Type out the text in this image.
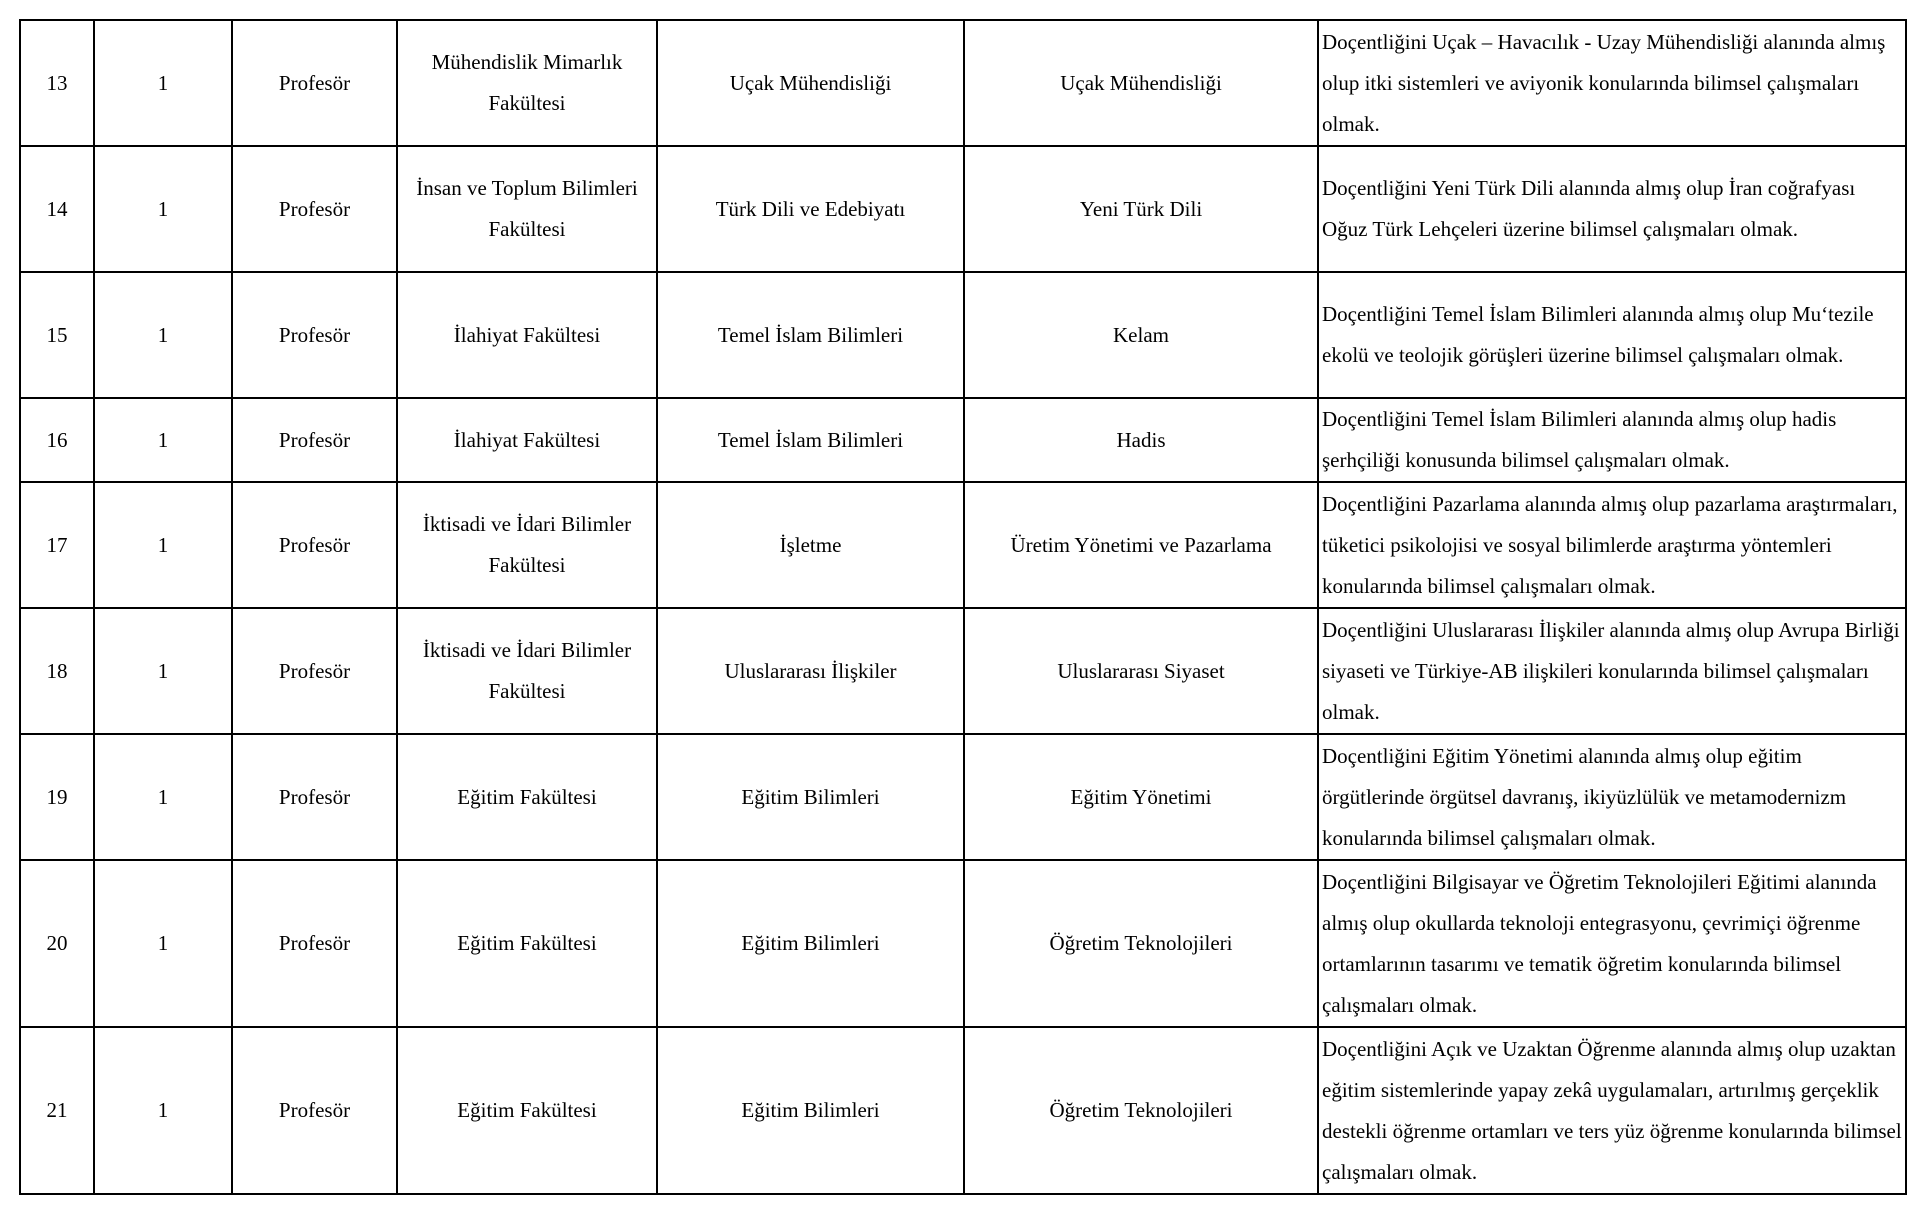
13	1	Profesör	Mühendislik Mimarlık Fakültesi	Uçak Mühendisliği	Uçak Mühendisliği	Doçentliğini Uçak – Havacılık - Uzay Mühendisliği alanında almış olup itki sistemleri ve aviyonik konularında bilimsel çalışmaları olmak.
14	1	Profesör	İnsan ve Toplum Bilimleri Fakültesi	Türk Dili ve Edebiyatı	Yeni Türk Dili	Doçentliğini Yeni Türk Dili alanında almış olup İran coğrafyası Oğuz Türk Lehçeleri üzerine bilimsel çalışmaları olmak.
15	1	Profesör	İlahiyat Fakültesi	Temel İslam Bilimleri	Kelam	Doçentliğini Temel İslam Bilimleri alanında almış olup Mu‘tezile ekolü ve teolojik görüşleri üzerine bilimsel çalışmaları olmak.
16	1	Profesör	İlahiyat Fakültesi	Temel İslam Bilimleri	Hadis	Doçentliğini Temel İslam Bilimleri alanında almış olup hadis şerhçiliği konusunda bilimsel çalışmaları olmak.
17	1	Profesör	İktisadi ve İdari Bilimler Fakültesi	İşletme	Üretim Yönetimi ve Pazarlama	Doçentliğini Pazarlama alanında almış olup pazarlama araştırmaları, tüketici psikolojisi ve sosyal bilimlerde araştırma yöntemleri konularında bilimsel çalışmaları olmak.
18	1	Profesör	İktisadi ve İdari Bilimler Fakültesi	Uluslararası İlişkiler	Uluslararası Siyaset	Doçentliğini Uluslararası İlişkiler alanında almış olup Avrupa Birliği siyaseti ve Türkiye-AB ilişkileri konularında bilimsel çalışmaları olmak.
19	1	Profesör	Eğitim Fakültesi	Eğitim Bilimleri	Eğitim Yönetimi	Doçentliğini Eğitim Yönetimi alanında almış olup eğitim örgütlerinde örgütsel davranış, ikiyüzlülük ve metamodernizm konularında bilimsel çalışmaları olmak.
20	1	Profesör	Eğitim Fakültesi	Eğitim Bilimleri	Öğretim Teknolojileri	Doçentliğini Bilgisayar ve Öğretim Teknolojileri Eğitimi alanında almış olup okullarda teknoloji entegrasyonu, çevrimiçi öğrenme ortamlarının tasarımı ve tematik öğretim konularında bilimsel çalışmaları olmak.
21	1	Profesör	Eğitim Fakültesi	Eğitim Bilimleri	Öğretim Teknolojileri	Doçentliğini Açık ve Uzaktan Öğrenme alanında almış olup uzaktan eğitim sistemlerinde yapay zekâ uygulamaları, artırılmış gerçeklik destekli öğrenme ortamları ve ters yüz öğrenme konularında bilimsel çalışmaları olmak.
